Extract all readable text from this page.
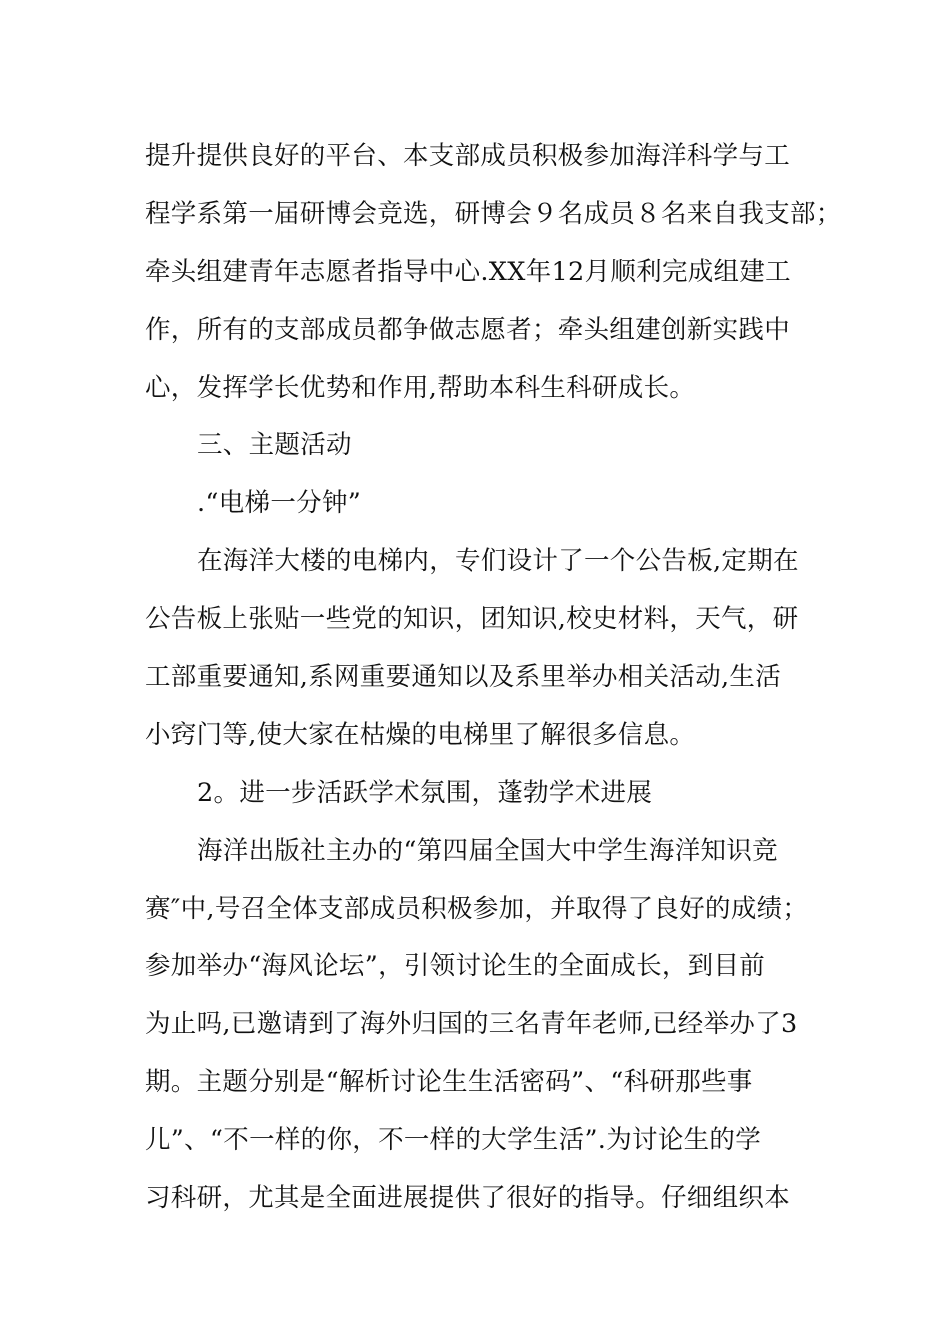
提升提供良好的平台、本支部成员积极参加海洋科学与工
程学系第一届研博会竞选，研博会９名成员８名来自我支部；
牵头组建青年志愿者指导中心.XX年12月顺利完成组建工
作，所有的支部成员都争做志愿者；牵头组建创新实践中
心，发挥学长优势和作用,帮助本科生科研成长。
三、主题活动
.“电梯一分钟”
在海洋大楼的电梯内，专们设计了一个公告板,定期在
公告板上张贴一些党的知识，团知识,校史材料，天气，研
工部重要通知,系网重要通知以及系里举办相关活动,生活
小窍门等,使大家在枯燥的电梯里了解很多信息。
2。进一步活跃学术氛围，蓬勃学术进展
海洋出版社主办的“第四届全国大中学生海洋知识竞
赛″中,号召全体支部成员积极参加，并取得了良好的成绩；
参加举办“海风论坛”，引领讨论生的全面成长，到目前
为止吗,已邀请到了海外归国的三名青年老师,已经举办了3
期。主题分别是“解析讨论生生活密码”、“科研那些事
儿”、“不一样的你，不一样的大学生活”.为讨论生的学
习科研，尤其是全面进展提供了很好的指导。仔细组织本
